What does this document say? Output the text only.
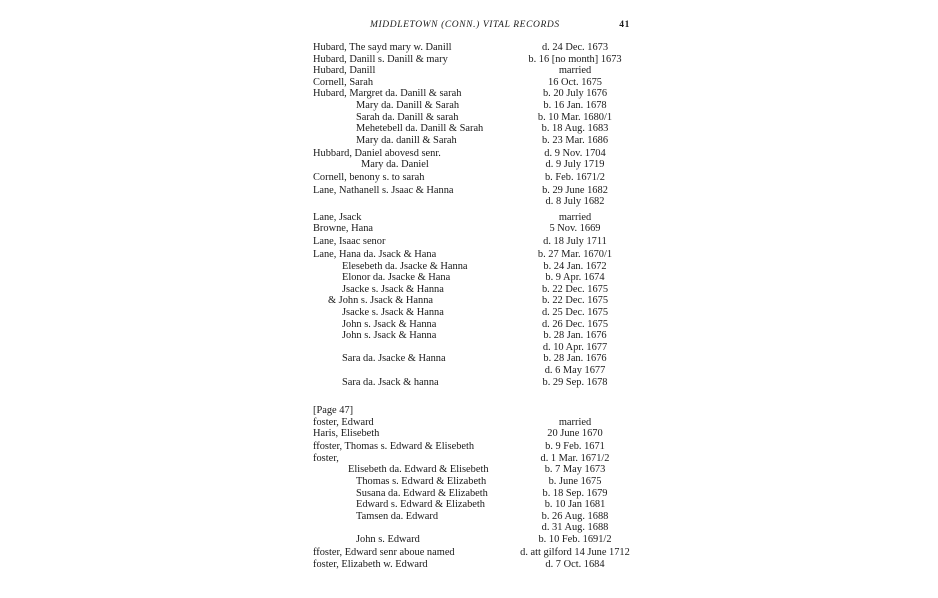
MIDDLETOWN (CONN.) VITAL RECORDS	41
Hubard, The sayd mary w. Danill	d. 24 Dec. 1673
Hubard, Danill s. Danill & mary	b. 16 [no month] 1673
Hubard, Danill	married
Cornell, Sarah	16 Oct. 1675
Hubard, Margret da. Danill & sarah	b. 20 July 1676
Mary da. Danill & Sarah	b. 16 Jan. 1678
Sarah da. Danill & sarah	b. 10 Mar. 1680/1
Mehetebell da. Danill & Sarah	b. 18 Aug. 1683
Mary da. danill & Sarah	b. 23 Mar. 1686
Hubbard, Daniel abovesd senr.	d. 9 Nov. 1704
Mary da. Daniel	d. 9 July 1719
Cornell, benony s. to sarah	b. Feb. 1671/2
Lane, Nathanell s. Jsaac & Hanna	b. 29 June 1682
d. 8 July 1682
Lane, Jsack	married
Browne, Hana	5 Nov. 1669
Lane, Isaac senor	d. 18 July 1711
Lane, Hana da. Jsack & Hana	b. 27 Mar. 1670/1
Elesebeth da. Jsacke & Hanna	b. 24 Jan. 1672
Elonor da. Jsacke & Hana	b. 9 Apr. 1674
Jsacke s. Jsack & Hanna	b. 22 Dec. 1675
& John s. Jsack & Hanna	b. 22 Dec. 1675
Jsacke s. Jsack & Hanna	d. 25 Dec. 1675
John s. Jsack & Hanna	d. 26 Dec. 1675
John s. Jsack & Hanna	b. 28 Jan. 1676
d. 10 Apr. 1677
Sara da. Jsacke & Hanna	b. 28 Jan. 1676
d. 6 May 1677
Sara da. Jsack & hanna	b. 29 Sep. 1678
[Page 47]
foster, Edward	married
Haris, Elisebeth	20 June 1670
ffoster, Thomas s. Edward & Elisebeth	b. 9 Feb. 1671
foster,	d. 1 Mar. 1671/2
Elisebeth da. Edward & Elisebeth	b. 7 May 1673
Thomas s. Edward & Elizabeth	b. June 1675
Susana da. Edward & Elizabeth	b. 18 Sep. 1679
Edward s. Edward & Elizabeth	b. 10 Jan 1681
Tamsen da. Edward	b. 26 Aug. 1688
d. 31 Aug. 1688
John s. Edward	b. 10 Feb. 1691/2
ffoster, Edward senr aboue named	d. att gilford 14 June 1712
foster, Elizabeth w. Edward	d. 7 Oct. 1684
